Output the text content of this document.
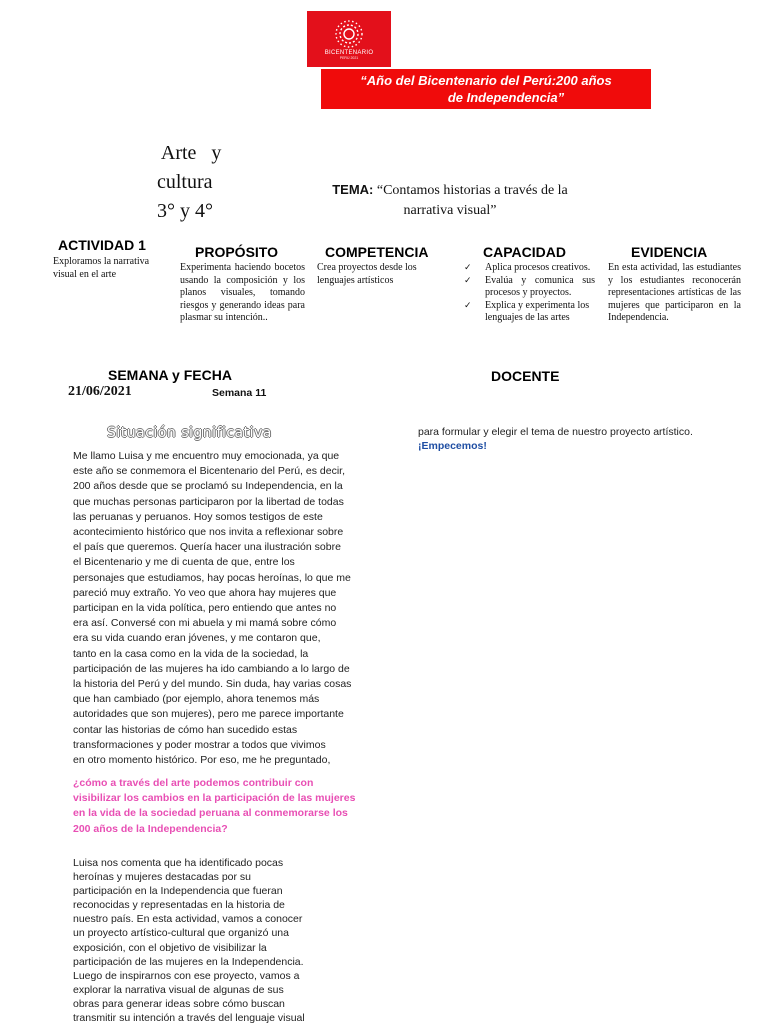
BICENTENARIO
PERÚ 2021
“Año del Bicentenario del Perú:200 años
de Independencia”
Arte   y
cultura
3° y 4°
TEMA: “Contamos historias a través de la
narrativa visual”
ACTIVIDAD 1
Exploramos la narrativa
visual en el arte
PROPÓSITO
Experimenta haciendo bocetos usando la composición y los planos visuales, tomando riesgos y generando ideas para plasmar su intención..
COMPETENCIA
Crea proyectos desde los lenguajes artísticos
CAPACIDAD
✓ Aplica procesos creativos.
✓ Evalúa y comunica sus procesos y proyectos.
✓ Explica y experimenta los lenguajes de las artes
EVIDENCIA
En esta actividad, las estudiantes y los estudiantes reconocerán representaciones artísticas de las mujeres que participaron en la Independencia.
SEMANA y FECHA
21/06/2021	Semana 11
DOCENTE
Situación significativa
Me llamo Luisa y me encuentro muy emocionada, ya que
este año se conmemora el Bicentenario del Perú, es decir,
200 años desde que se proclamó su Independencia, en la
que muchas personas participaron por la libertad de todas
las peruanas y peruanos. Hoy somos testigos de este
acontecimiento histórico que nos invita a reflexionar sobre
el país que queremos. Quería hacer una ilustración sobre
el Bicentenario y me di cuenta de que, entre los
personajes que estudiamos, hay pocas heroínas, lo que me
pareció muy extraño. Yo veo que ahora hay mujeres que
participan en la vida política, pero entiendo que antes no
era así. Conversé con mi abuela y mi mamá sobre cómo
era su vida cuando eran jóvenes, y me contaron que,
tanto en la casa como en la vida de la sociedad, la
participación de las mujeres ha ido cambiando a lo largo de
la historia del Perú y del mundo. Sin duda, hay varias cosas
que han cambiado (por ejemplo, ahora tenemos más
autoridades que son mujeres), pero me parece importante
contar las historias de cómo han sucedido estas
transformaciones y poder mostrar a todos que vivimos
en otro momento histórico. Por eso, me he preguntado,
¿cómo a través del arte podemos contribuir con
visibilizar los cambios en la participación de las mujeres
en la vida de la sociedad peruana al conmemorarse los
200 años de la Independencia?
Luisa nos comenta que ha identificado pocas
heroínas y mujeres destacadas por su
participación en la Independencia que fueran
reconocidas y representadas en la historia de
nuestro país. En esta actividad, vamos a conocer
un proyecto artístico-cultural que organizó una
exposición, con el objetivo de visibilizar la
participación de las mujeres en la Independencia.
Luego de inspirarnos con ese proyecto, vamos a
explorar la narrativa visual de algunas de sus
obras para generar ideas sobre cómo buscan
transmitir su intención a través del lenguaje visual
para formular y elegir el tema de nuestro proyecto artístico.
¡Empecemos!
